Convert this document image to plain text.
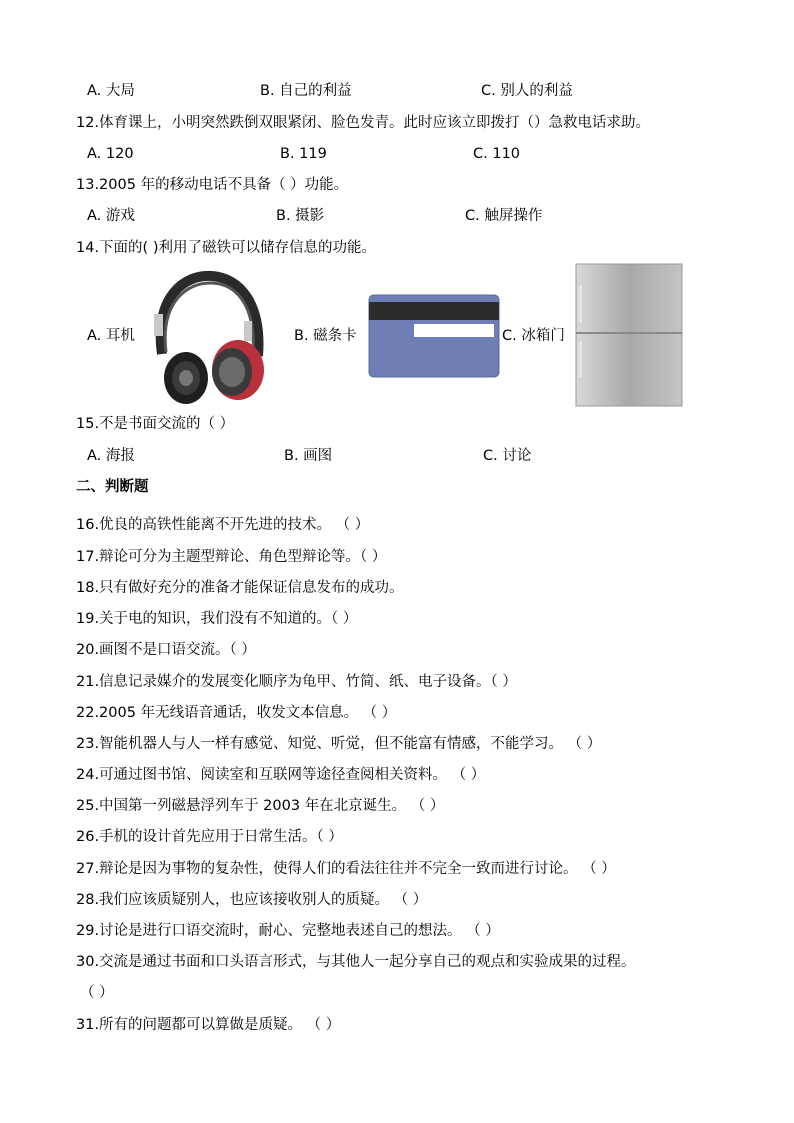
A. 大局	B. 自己的利益	C. 别人的利益
12.体育课上，小明突然跌倒双眼紧闭、脸色发青。此时应该立即拨打（）急救电话求助。
A. 120	B. 119	C. 110
13.2005 年的移动电话不具备（ ）功能。
A. 游戏	B. 摄影	C. 触屏操作
14.下面的( )利用了磁铁可以储存信息的功能。
A. 耳机	B. 磁条卡	C. 冰箱门
15.不是书面交流的（ ）
A. 海报	B. 画图	C. 讨论
二、判断题
16.优良的高铁性能离不开先进的技术。 （ ）
17.辩论可分为主题型辩论、角色型辩论等。（ ）
18.只有做好充分的准备才能保证信息发布的成功。
19.关于电的知识，我们没有不知道的。（ ）
20.画图不是口语交流。（ ）
21.信息记录媒介的发展变化顺序为龟甲、竹简、纸、电子设备。（ ）
22.2005 年无线语音通话，收发文本信息。 （ ）
23.智能机器人与人一样有感觉、知觉、听觉，但不能富有情感，不能学习。 （ ）
24.可通过图书馆、阅读室和互联网等途径查阅相关资料。 （ ）
25.中国第一列磁悬浮列车于 2003 年在北京诞生。 （ ）
26.手机的设计首先应用于日常生活。（ ）
27.辩论是因为事物的复杂性，使得人们的看法往往并不完全一致而进行讨论。 （ ）
28.我们应该质疑别人，也应该接收别人的质疑。 （ ）
29.讨论是进行口语交流时，耐心、完整地表述自己的想法。 （ ）
30.交流是通过书面和口头语言形式，与其他人一起分享自己的观点和实验成果的过程。
（ ）
31.所有的问题都可以算做是质疑。 （ ）
